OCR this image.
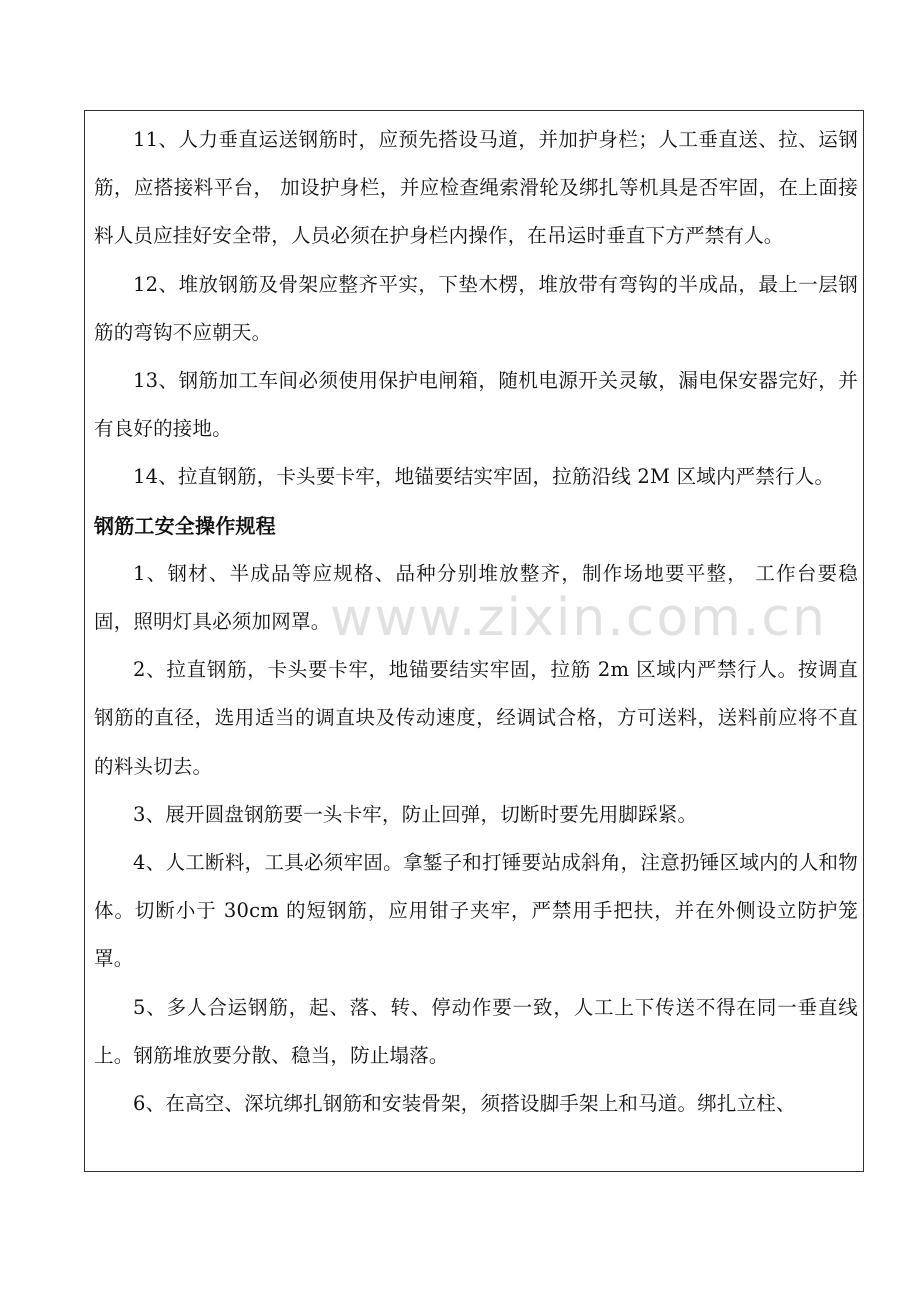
11、人力垂直运送钢筋时，应预先搭设马道，并加护身栏；人工垂直送、拉、运钢筋，应搭接料平台， 加设护身栏，并应检查绳索滑轮及绑扎等机具是否牢固，在上面接料人员应挂好安全带，人员必须在护身栏内操作，在吊运时垂直下方严禁有人。

12、堆放钢筋及骨架应整齐平实，下垫木楞，堆放带有弯钩的半成品，最上一层钢筋的弯钩不应朝天。

13、钢筋加工车间必须使用保护电闸箱，随机电源开关灵敏，漏电保安器完好，并有良好的接地。

14、拉直钢筋，卡头要卡牢，地锚要结实牢固，拉筋沿线 2M 区域内严禁行人。

钢筋工安全操作规程

1、钢材、半成品等应规格、品种分别堆放整齐，制作场地要平整， 工作台要稳固，照明灯具必须加网罩。

2、拉直钢筋，卡头要卡牢，地锚要结实牢固，拉筋 2m 区域内严禁行人。按调直钢筋的直径，选用适当的调直块及传动速度，经调试合格，方可送料，送料前应将不直的料头切去。

3、展开圆盘钢筋要一头卡牢，防止回弹，切断时要先用脚踩紧。

4、人工断料，工具必须牢固。拿錾子和打锤要站成斜角，注意扔锤区域内的人和物体。切断小于 30cm 的短钢筋，应用钳子夹牢，严禁用手把扶，并在外侧设立防护笼罩。

5、多人合运钢筋，起、落、转、停动作要一致，人工上下传送不得在同一垂直线上。钢筋堆放要分散、稳当，防止塌落。

6、在高空、深坑绑扎钢筋和安装骨架，须搭设脚手架上和马道。绑扎立柱、

www.zixin.com.cn
